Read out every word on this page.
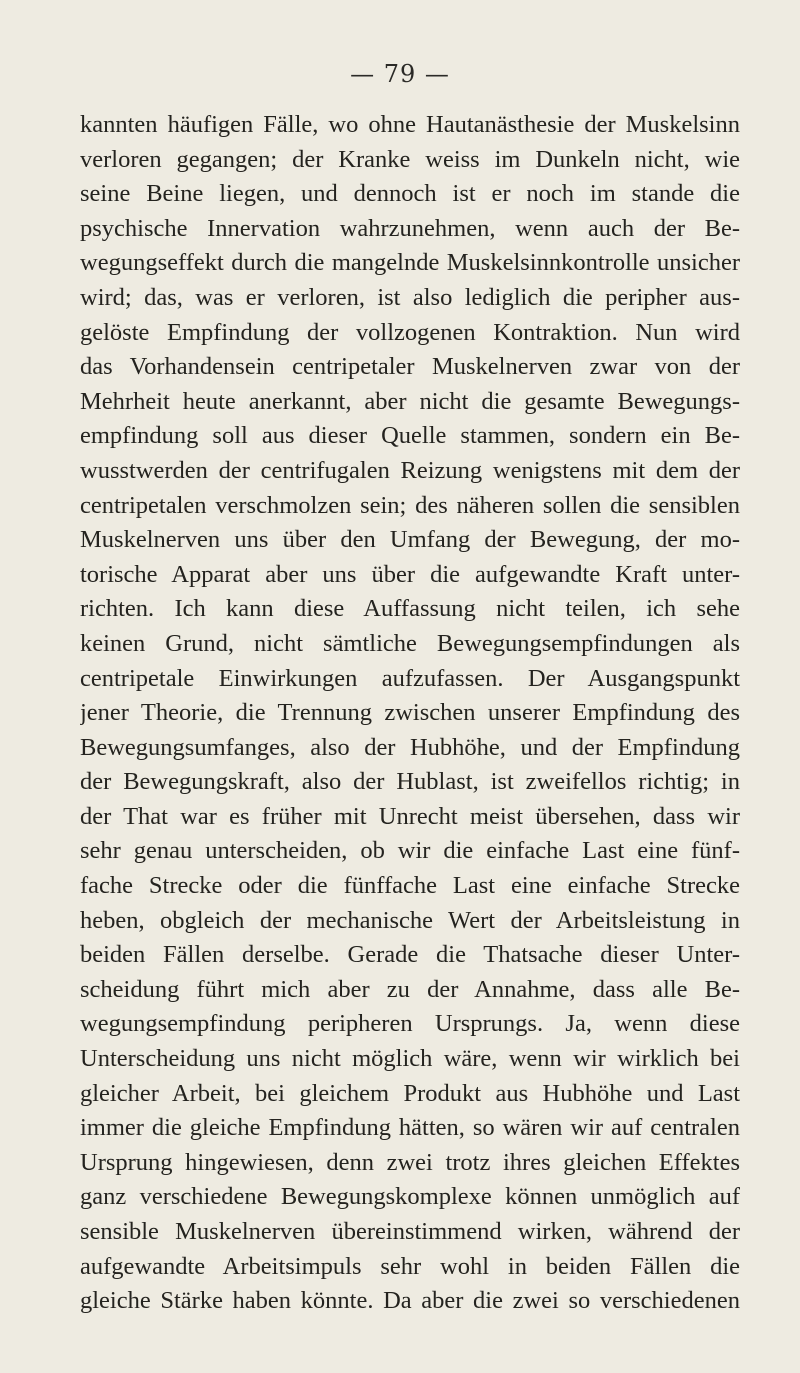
— 79 —
kannten häufigen Fälle, wo ohne Hautanästhesie der Muskelsinn
verloren gegangen; der Kranke weiss im Dunkeln nicht, wie
seine Beine liegen, und dennoch ist er noch im stande die
psychische Innervation wahrzunehmen, wenn auch der Be-
wegungseffekt durch die mangelnde Muskelsinnkontrolle unsicher
wird; das, was er verloren, ist also lediglich die peripher aus-
gelöste Empfindung der vollzogenen Kontraktion. Nun wird
das Vorhandensein centripetaler Muskelnerven zwar von der
Mehrheit heute anerkannt, aber nicht die gesamte Bewegungs-
empfindung soll aus dieser Quelle stammen, sondern ein Be-
wusstwerden der centrifugalen Reizung wenigstens mit dem der
centripetalen verschmolzen sein; des näheren sollen die sensiblen
Muskelnerven uns über den Umfang der Bewegung, der mo-
torische Apparat aber uns über die aufgewandte Kraft unter-
richten. Ich kann diese Auffassung nicht teilen, ich sehe
keinen Grund, nicht sämtliche Bewegungsempfindungen als
centripetale Einwirkungen aufzufassen. Der Ausgangspunkt
jener Theorie, die Trennung zwischen unserer Empfindung des
Bewegungsumfanges, also der Hubhöhe, und der Empfindung
der Bewegungskraft, also der Hublast, ist zweifellos richtig; in
der That war es früher mit Unrecht meist übersehen, dass wir
sehr genau unterscheiden, ob wir die einfache Last eine fünf-
fache Strecke oder die fünffache Last eine einfache Strecke
heben, obgleich der mechanische Wert der Arbeitsleistung in
beiden Fällen derselbe. Gerade die Thatsache dieser Unter-
scheidung führt mich aber zu der Annahme, dass alle Be-
wegungsempfindung peripheren Ursprungs. Ja, wenn diese
Unterscheidung uns nicht möglich wäre, wenn wir wirklich bei
gleicher Arbeit, bei gleichem Produkt aus Hubhöhe und Last
immer die gleiche Empfindung hätten, so wären wir auf centralen
Ursprung hingewiesen, denn zwei trotz ihres gleichen Effektes
ganz verschiedene Bewegungskomplexe können unmöglich auf
sensible Muskelnerven übereinstimmend wirken, während der
aufgewandte Arbeitsimpuls sehr wohl in beiden Fällen die
gleiche Stärke haben könnte. Da aber die zwei so verschiedenen
